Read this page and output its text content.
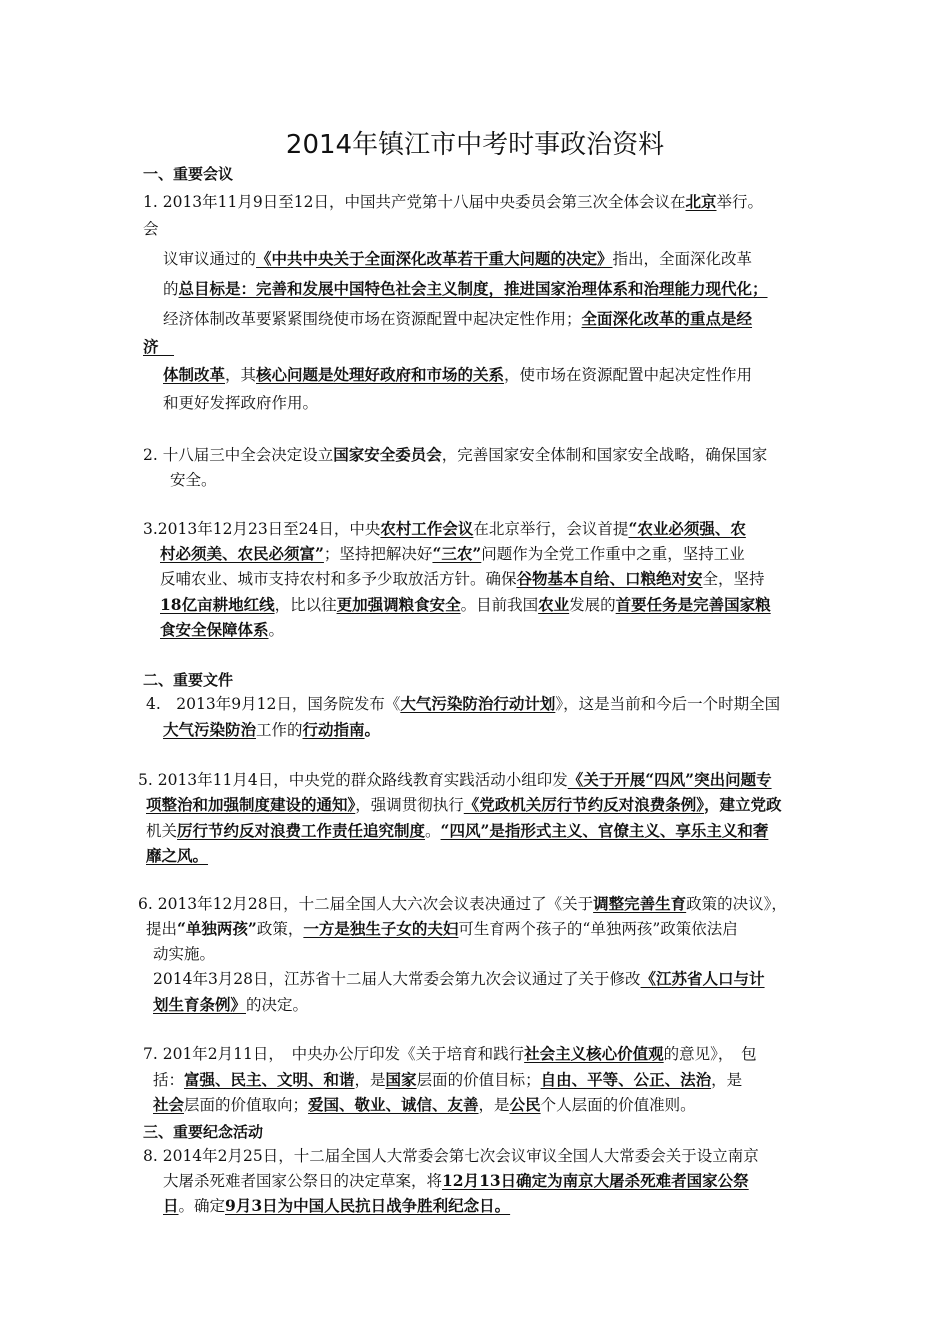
2014年镇江市中考时事政治资料
一、重要会议
1. 2013年11月9日至12日，中国共产党第十八届中央委员会第三次全体会议在北京举行。
会
议审议通过的《中共中央关于全面深化改革若干重大问题的决定》指出，全面深化改革
的总目标是：完善和发展中国特色社会主义制度，推进国家治理体系和治理能力现代化；
经济体制改革要紧紧围绕使市场在资源配置中起决定性作用；全面深化改革的重点是经
济　
体制改革，其核心问题是处理好政府和市场的关系，使市场在资源配置中起决定性作用
和更好发挥政府作用。
2. 十八届三中全会决定设立国家安全委员会，完善国家安全体制和国家安全战略，确保国家
安全。
3.2013年12月23日至24日，中央农村工作会议在北京举行，会议首提“农业必须强、农
村必须美、农民必须富”；坚持把解决好“三农”问题作为全党工作重中之重，坚持工业
反哺农业、城市支持农村和多予少取放活方针。确保谷物基本自给、口粮绝对安全，坚持
18亿亩耕地红线，比以往更加强调粮食安全。目前我国农业发展的首要任务是完善国家粮
食安全保障体系。
二、重要文件
4.　2013年9月12日，国务院发布《大气污染防治行动计划》，这是当前和今后一个时期全国
大气污染防治工作的行动指南。
5. 2013年11月4日，中央党的群众路线教育实践活动小组印发《关于开展“四风”突出问题专
项整治和加强制度建设的通知》，强调贯彻执行《党政机关厉行节约反对浪费条例》，建立党政
机关厉行节约反对浪费工作责任追究制度。“四风”是指形式主义、官僚主义、享乐主义和奢
靡之风。
6. 2013年12月28日，十二届全国人大六次会议表决通过了《关于调整完善生育政策的决议》，
提出“单独两孩”政策，一方是独生子女的夫妇可生育两个孩子的“单独两孩”政策依法启
动实施。
2014年3月28日，江苏省十二届人大常委会第九次会议通过了关于修改《江苏省人口与计
划生育条例》的决定。
7. 201年2月11日，　中央办公厅印发《关于培育和践行社会主义核心价值观的意见》，　包
括：富强、民主、文明、和谐，是国家层面的价值目标；自由、平等、公正、法治，是
社会层面的价值取向；爱国、敬业、诚信、友善，是公民个人层面的价值准则。
三、重要纪念活动
8. 2014年2月25日，十二届全国人大常委会第七次会议审议全国人大常委会关于设立南京
大屠杀死难者国家公祭日的决定草案，将12月13日确定为南京大屠杀死难者国家公祭
日。确定9月3日为中国人民抗日战争胜利纪念日。
